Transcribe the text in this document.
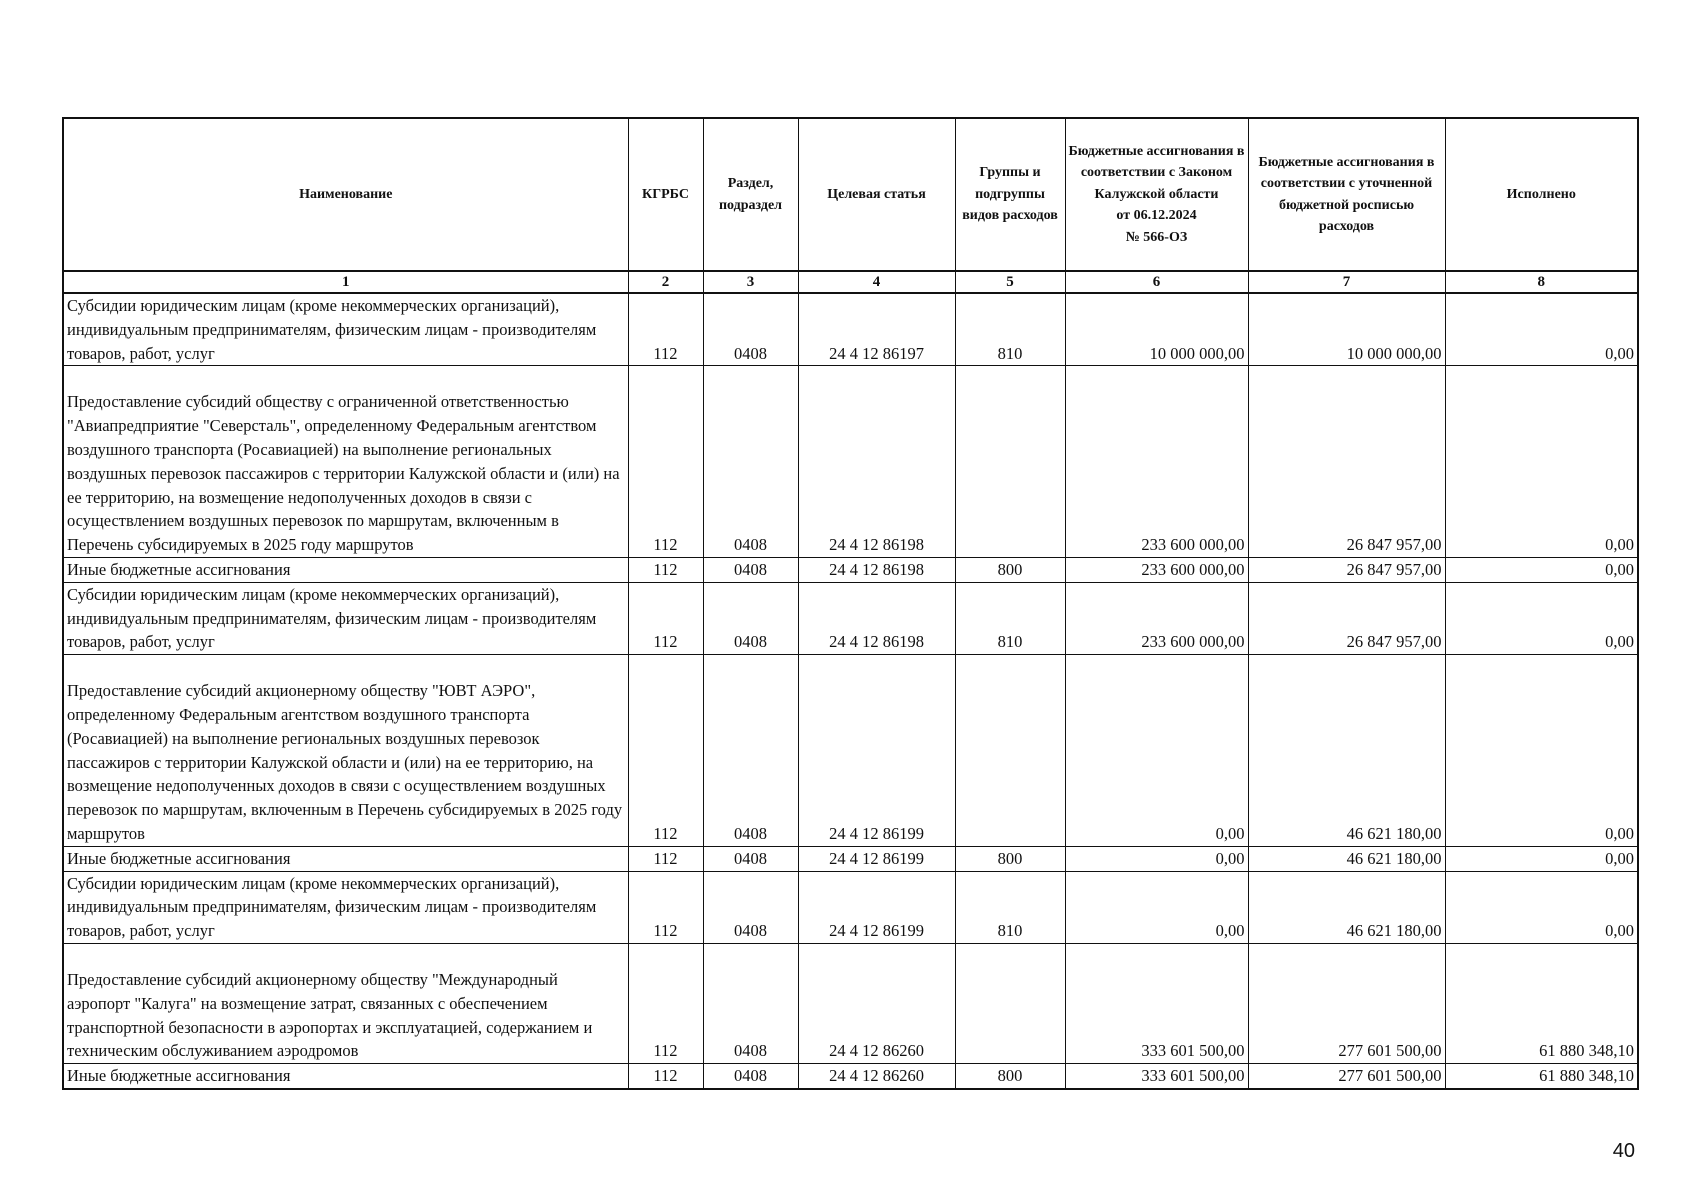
Наименование	КГРБС	Раздел, подраздел	Целевая статья	Группы и подгруппы видов расходов	Бюджетные ассигнования в соответствии с Законом Калужской области
от 06.12.2024
№ 566-ОЗ	Бюджетные ассигнования в соответствии с уточненной бюджетной росписью расходов	Исполнено
1	2	3	4	5	6	7	8
Субсидии юридическим лицам (кроме некоммерческих организаций), индивидуальным предпринимателям, физическим лицам - производителям товаров, работ, услуг	112	0408	24 4 12 86197	810	10 000 000,00	10 000 000,00	0,00
Предоставление субсидий обществу с ограниченной ответственностью "Авиапредприятие "Северсталь", определенному Федеральным агентством воздушного транспорта (Росавиацией) на выполнение региональных воздушных перевозок пассажиров с территории Калужской области и (или) на ее территорию, на возмещение недополученных доходов в связи с осуществлением воздушных перевозок по маршрутам, включенным в Перечень субсидируемых в 2025 году маршрутов	112	0408	24 4 12 86198		233 600 000,00	26 847 957,00	0,00
Иные бюджетные ассигнования	112	0408	24 4 12 86198	800	233 600 000,00	26 847 957,00	0,00
Субсидии юридическим лицам (кроме некоммерческих организаций), индивидуальным предпринимателям, физическим лицам - производителям товаров, работ, услуг	112	0408	24 4 12 86198	810	233 600 000,00	26 847 957,00	0,00
Предоставление субсидий акционерному обществу "ЮВТ АЭРО", определенному Федеральным агентством воздушного транспорта (Росавиацией) на выполнение региональных воздушных перевозок пассажиров с территории Калужской области и (или) на ее территорию, на возмещение недополученных доходов в связи с осуществлением воздушных перевозок по маршрутам, включенным в Перечень субсидируемых в 2025 году маршрутов	112	0408	24 4 12 86199		0,00	46 621 180,00	0,00
Иные бюджетные ассигнования	112	0408	24 4 12 86199	800	0,00	46 621 180,00	0,00
Субсидии юридическим лицам (кроме некоммерческих организаций), индивидуальным предпринимателям, физическим лицам - производителям товаров, работ, услуг	112	0408	24 4 12 86199	810	0,00	46 621 180,00	0,00
Предоставление субсидий акционерному обществу "Международный аэропорт "Калуга" на возмещение затрат, связанных с обеспечением транспортной безопасности в аэропортах и эксплуатацией, содержанием и техническим обслуживанием аэродромов	112	0408	24 4 12 86260		333 601 500,00	277 601 500,00	61 880 348,10
Иные бюджетные ассигнования	112	0408	24 4 12 86260	800	333 601 500,00	277 601 500,00	61 880 348,10
40
